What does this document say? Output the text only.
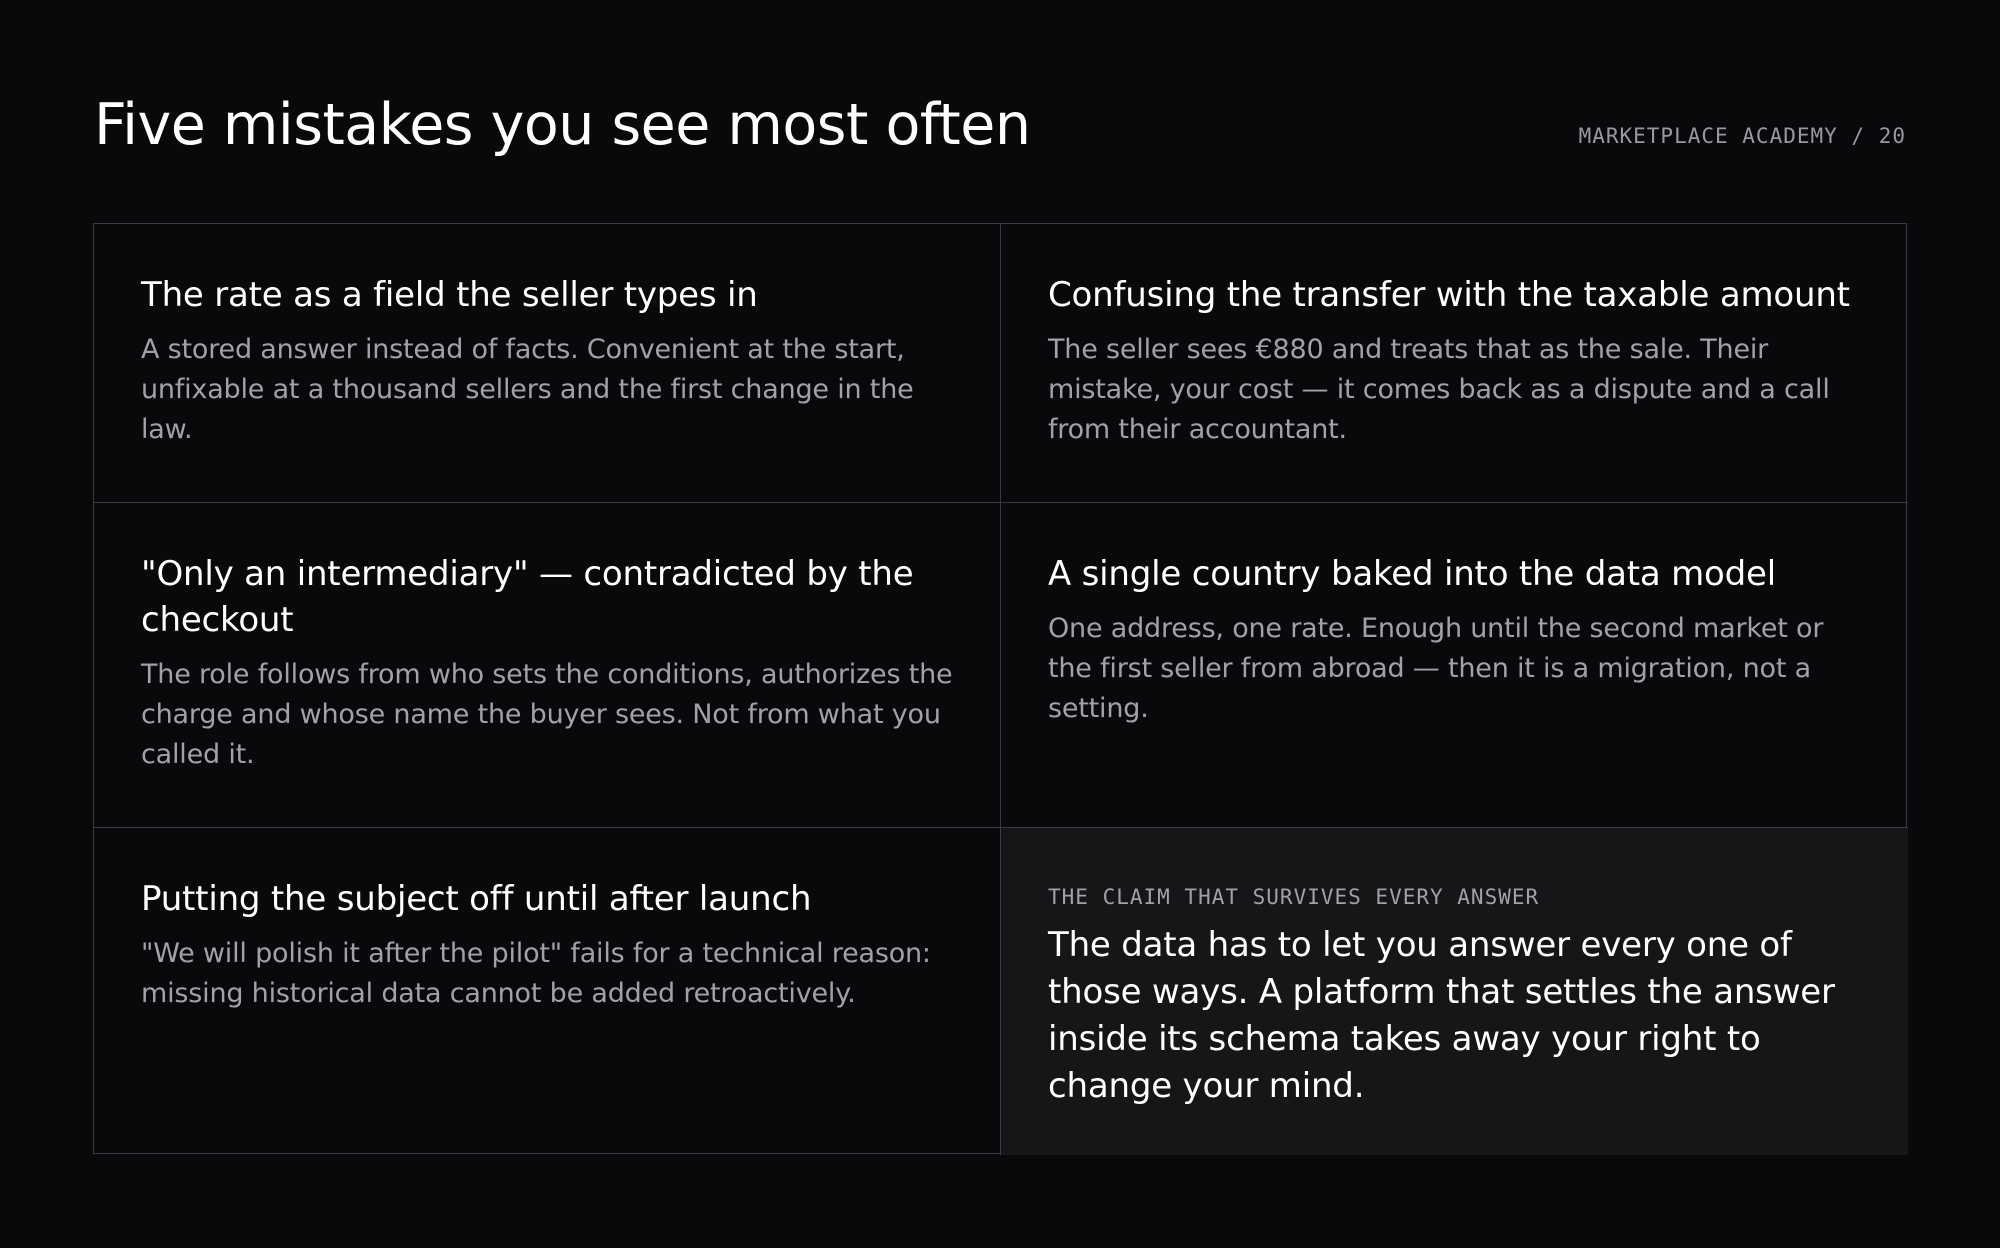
Five mistakes you see most often	MARKETPLACE ACADEMY / 20
The rate as a field the seller types in
A stored answer instead of facts. Convenient at the start, unfixable at a thousand sellers and the first change in the law.
Confusing the transfer with the taxable amount
The seller sees €880 and treats that as the sale. Their mistake, your cost — it comes back as a dispute and a call from their accountant.
"Only an intermediary" — contradicted by the checkout
The role follows from who sets the conditions, authorizes the charge and whose name the buyer sees. Not from what you called it.
A single country baked into the data model
One address, one rate. Enough until the second market or the first seller from abroad — then it is a migration, not a setting.
Putting the subject off until after launch
"We will polish it after the pilot" fails for a technical reason: missing historical data cannot be added retroactively.
THE CLAIM THAT SURVIVES EVERY ANSWER
The data has to let you answer every one of those ways. A platform that settles the answer inside its schema takes away your right to change your mind.
